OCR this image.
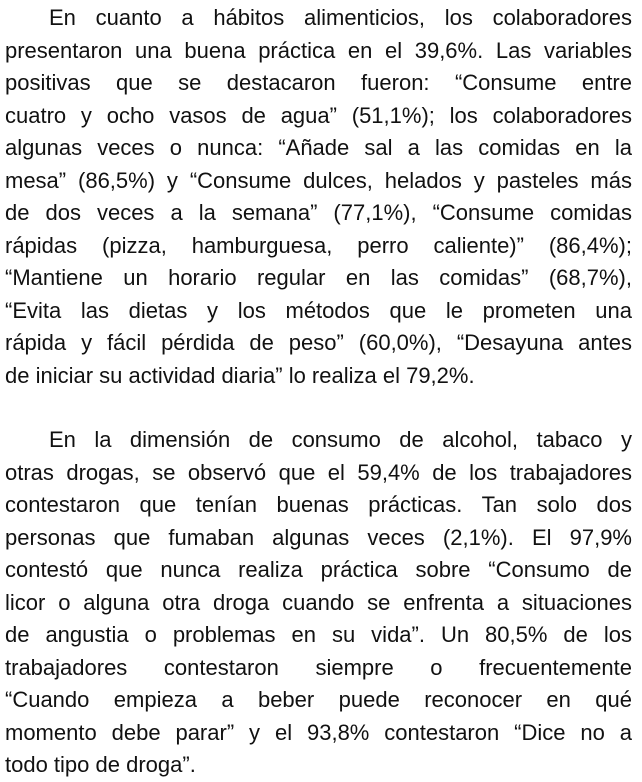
En cuanto a hábitos alimenticios, los colaboradores
presentaron una buena práctica en el 39,6%. Las variables
positivas que se destacaron fueron: “Consume entre
cuatro y ocho vasos de agua” (51,1%); los colaboradores
algunas veces o nunca: “Añade sal a las comidas en la
mesa” (86,5%) y “Consume dulces, helados y pasteles más
de dos veces a la semana” (77,1%), “Consume comidas
rápidas (pizza, hamburguesa, perro caliente)” (86,4%);
“Mantiene un horario regular en las comidas” (68,7%),
“Evita las dietas y los métodos que le prometen una
rápida y fácil pérdida de peso” (60,0%), “Desayuna antes
de iniciar su actividad diaria” lo realiza el 79,2%.
En la dimensión de consumo de alcohol, tabaco y
otras drogas, se observó que el 59,4% de los trabajadores
contestaron que tenían buenas prácticas. Tan solo dos
personas que fumaban algunas veces (2,1%). El 97,9%
contestó que nunca realiza práctica sobre “Consumo de
licor o alguna otra droga cuando se enfrenta a situaciones
de angustia o problemas en su vida”. Un 80,5% de los
trabajadores contestaron siempre o frecuentemente
“Cuando empieza a beber puede reconocer en qué
momento debe parar” y el 93,8% contestaron “Dice no a
todo tipo de droga”.
